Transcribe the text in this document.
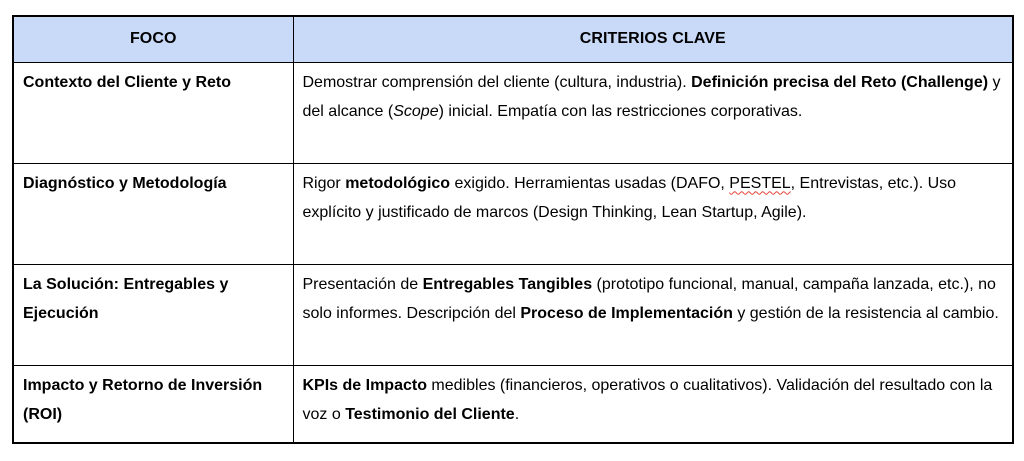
FOCO	CRITERIOS CLAVE
Contexto del Cliente y Reto	Demostrar comprensión del cliente (cultura, industria). Definición precisa del Reto (Challenge) y del alcance (Scope) inicial. Empatía con las restricciones corporativas.
Diagnóstico y Metodología	Rigor metodológico exigido. Herramientas usadas (DAFO, PESTEL, Entrevistas, etc.). Uso explícito y justificado de marcos (Design Thinking, Lean Startup, Agile).
La Solución: Entregables y Ejecución	Presentación de Entregables Tangibles (prototipo funcional, manual, campaña lanzada, etc.), no solo informes. Descripción del Proceso de Implementación y gestión de la resistencia al cambio.
Impacto y Retorno de Inversión (ROI)	KPIs de Impacto medibles (financieros, operativos o cualitativos). Validación del resultado con la voz o Testimonio del Cliente.
